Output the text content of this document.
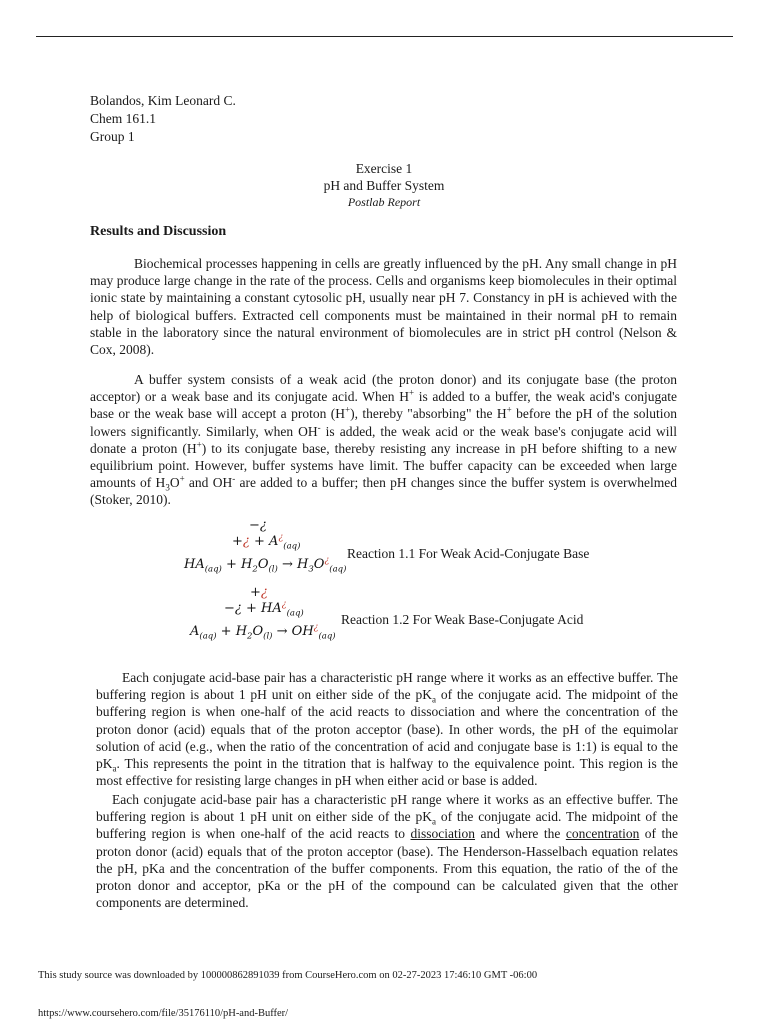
Bolandos, Kim Leonard C.
Chem 161.1
Group 1
Exercise 1
pH and Buffer System
Postlab Report
Results and Discussion

Biochemical processes happening in cells are greatly influenced by the pH. Any small change in pH may produce large change in the rate of the process. Cells and organisms keep biomolecules in their optimal ionic state by maintaining a constant cytosolic pH, usually near pH 7. Constancy in pH is achieved with the help of biological buffers. Extracted cell components must be maintained in their normal pH to remain stable in the laboratory since the natural environment of biomolecules are in strict pH control (Nelson & Cox, 2008).

A buffer system consists of a weak acid (the proton donor) and its conjugate base (the proton acceptor) or a weak base and its conjugate acid. When H+ is added to a buffer, the weak acid's conjugate base or the weak base will accept a proton (H+), thereby "absorbing" the H+ before the pH of the solution lowers significantly. Similarly, when OH- is added, the weak acid or the weak base's conjugate acid will donate a proton (H+) to its conjugate base, thereby resisting any increase in pH before shifting to a new equilibrium point. However, buffer systems have limit. The buffer capacity can be exceeded when large amounts of $H_3O^+$ and OH- are added to a buffer; then pH changes since the buffer system is overwhelmed (Stoker, 2010).

−¿
+¿ + $A^¿_{(aq)}$
$HA_{(aq)} + H_2O_{(l)} \to H_3O^¿_{(aq)}$
Reaction 1.1 For Weak Acid-Conjugate Base
+¿
−¿ + $HA^¿_{(aq)}$
$A_{(aq)} + H_2O_{(l)} \to OH^¿_{(aq)}$
Reaction 1.2 For Weak Base-Conjugate Acid

Each conjugate acid-base pair has a characteristic pH range where it works as an effective buffer. The buffering region is about 1 pH unit on either side of the $pK_a$ of the conjugate acid. The midpoint of the buffering region is when one-half of the acid reacts to dissociation and where the concentration of the proton donor (acid) equals that of the proton acceptor (base). In other words, the pH of the equimolar solution of acid (e.g., when the ratio of the concentration of acid and conjugate base is 1:1) is equal to the $pK_a$. This represents the point in the titration that is halfway to the equivalence point. This region is the most effective for resisting large changes in pH when either acid or base is added.

Each conjugate acid-base pair has a characteristic pH range where it works as an effective buffer. The buffering region is about 1 pH unit on either side of the $pK_a$ of the conjugate acid. The midpoint of the buffering region is when one-half of the acid reacts to dissociation and where the concentration of the proton donor (acid) equals that of the proton acceptor (base). The Henderson-Hasselbach equation relates the pH, pKa and the concentration of the buffer components. From this equation, the ratio of the of the proton donor and acceptor, pKa or the pH of the compound can be calculated given that the other components are determined.

This study source was downloaded by 100000862891039 from CourseHero.com on 02-27-2023 17:46:10 GMT -06:00
https://www.coursehero.com/file/35176110/pH-and-Buffer/
